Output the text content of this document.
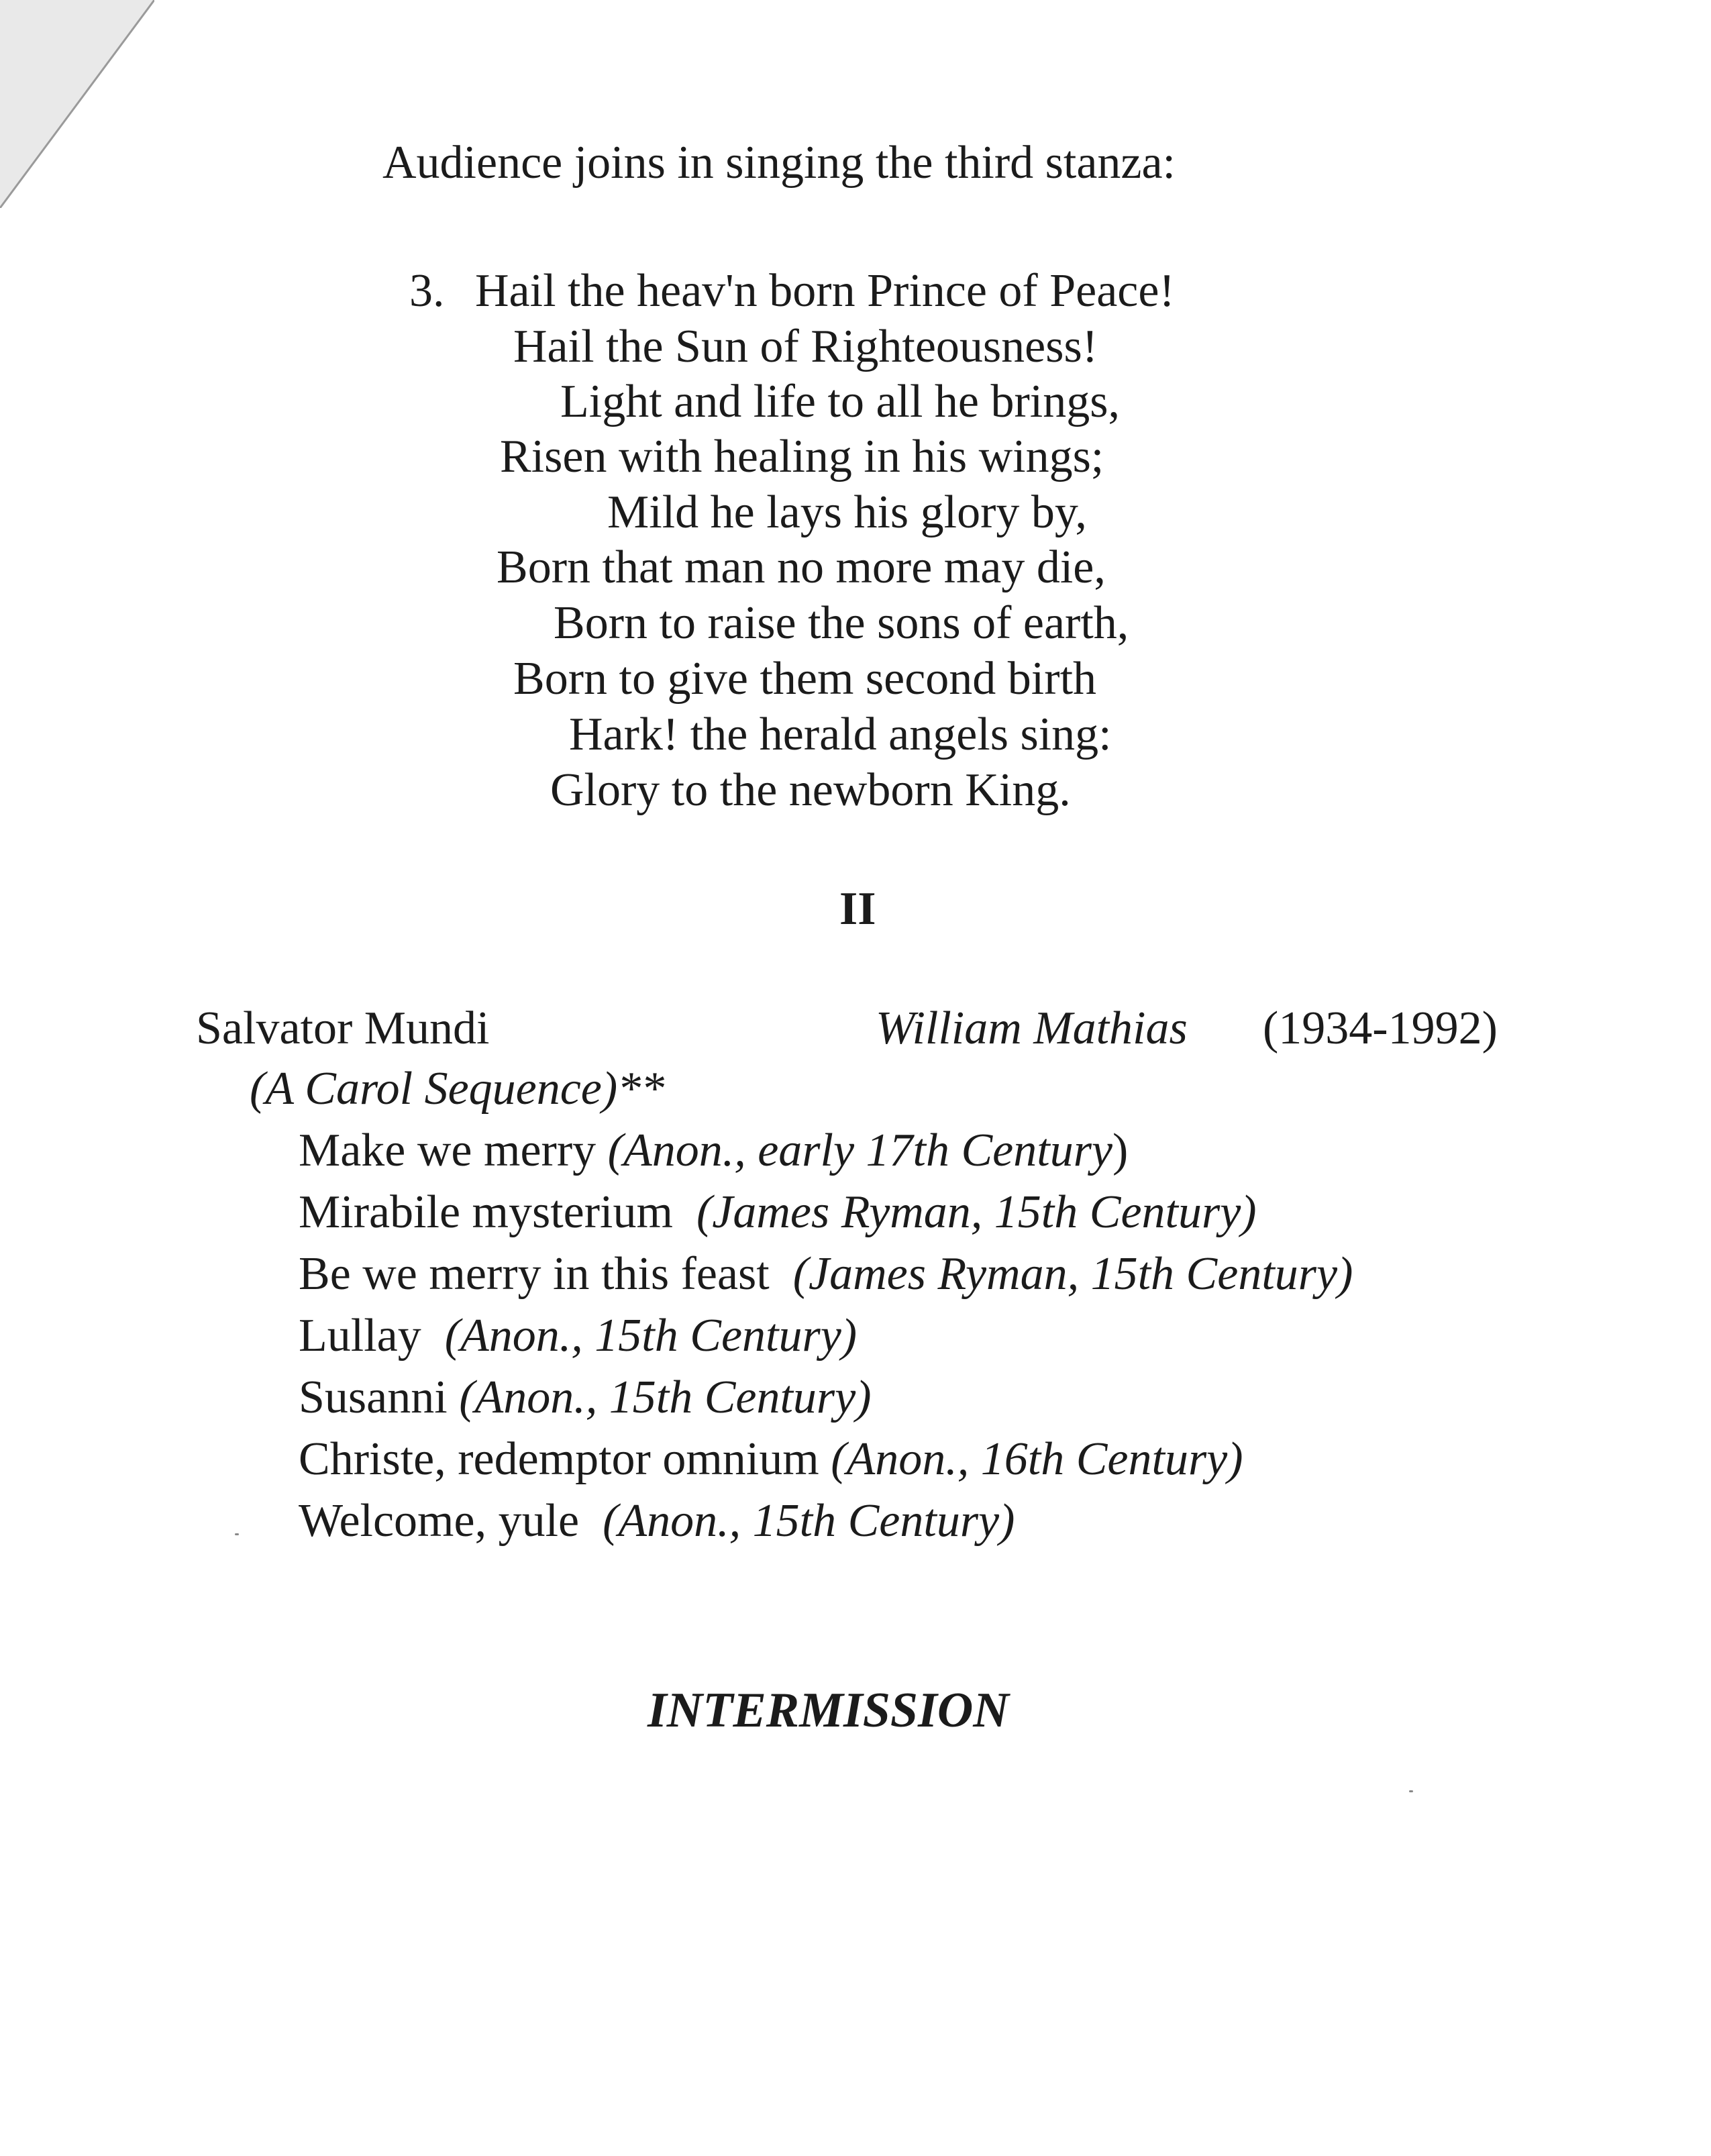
Audience joins in singing the third stanza:
3. Hail the heav'n born Prince of Peace!
Hail the Sun of Righteousness!
Light and life to all he brings,
Risen with healing in his wings;
Mild he lays his glory by,
Born that man no more may die,
Born to raise the sons of earth,
Born to give them second birth
Hark! the herald angels sing:
Glory to the newborn King.
II
Salvator Mundi	William Mathias (1934-1992)
(A Carol Sequence)**
Make we merry (Anon., early 17th Century)
Mirabile mysterium (James Ryman, 15th Century)
Be we merry in this feast (James Ryman, 15th Century)
Lullay (Anon., 15th Century)
Susanni (Anon., 15th Century)
Christe, redemptor omnium (Anon., 16th Century)
Welcome, yule (Anon., 15th Century)
INTERMISSION
